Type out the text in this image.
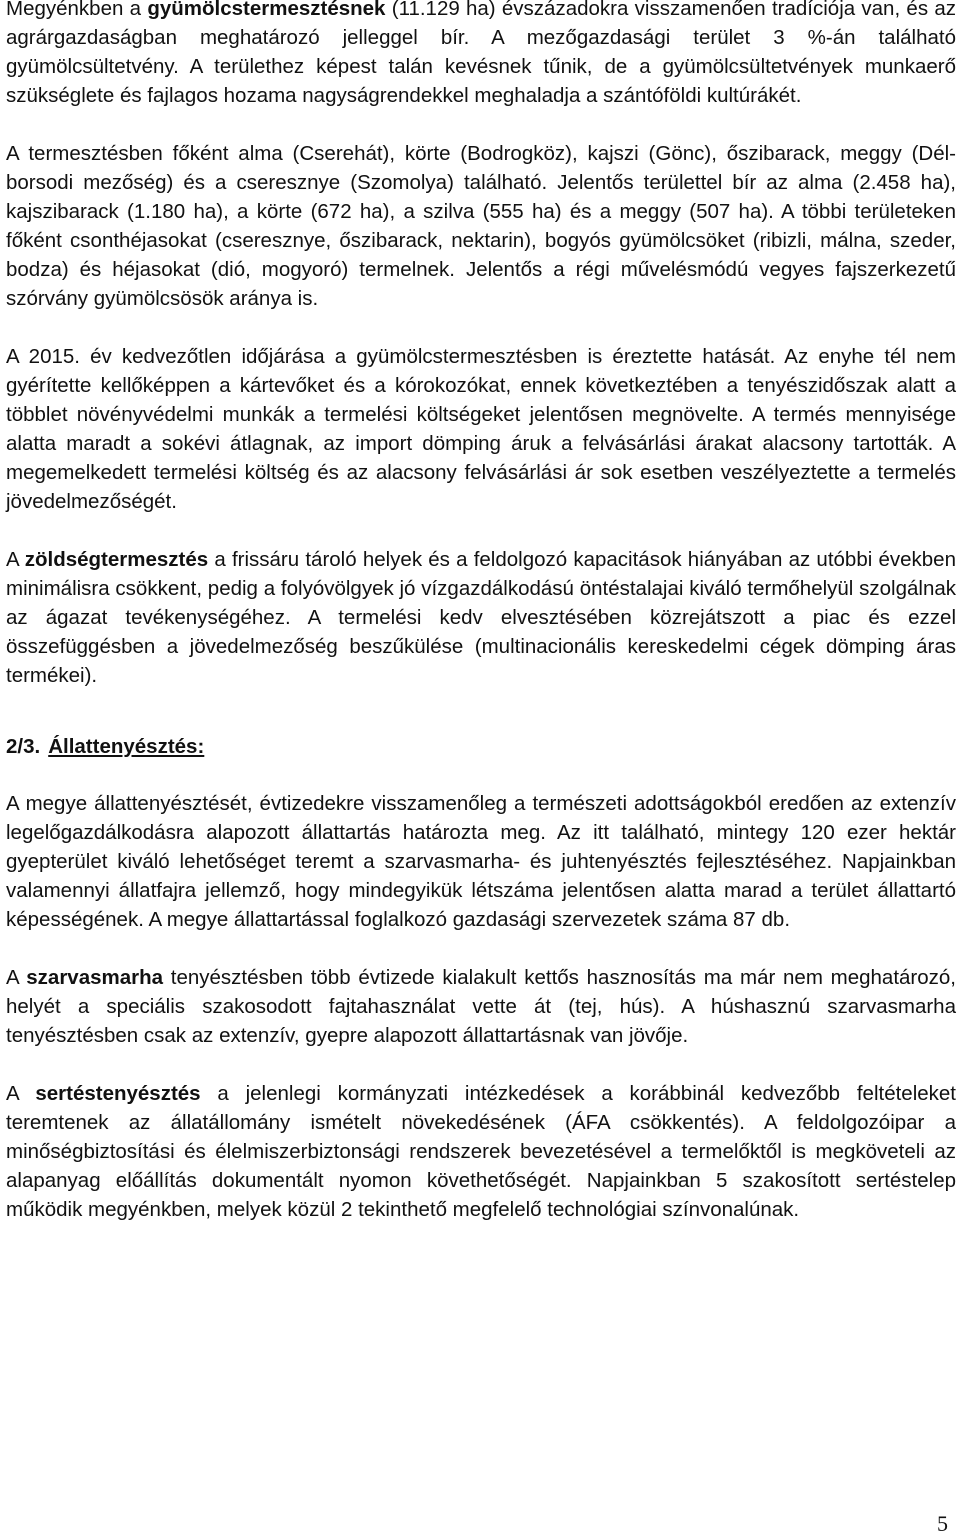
Megyénkben a gyümölcstermesztésnek (11.129 ha) évszázadokra visszamenően tradíciója van, és az agrárgazdaságban meghatározó jelleggel bír. A mezőgazdasági terület 3 %-án található gyümölcsültetvény. A területhez képest talán kevésnek tűnik, de a gyümölcsültetvények munkaerő szükséglete és fajlagos hozama nagyságrendekkel meghaladja a szántóföldi kultúrákét.

A termesztésben főként alma (Cserehát), körte (Bodrogköz), kajszi (Gönc), őszibarack, meggy (Dél-borsodi mezőség) és a cseresznye (Szomolya) található. Jelentős területtel bír az alma (2.458 ha), kajszibarack (1.180 ha), a körte (672 ha), a szilva (555 ha) és a meggy (507 ha). A többi területeken főként csonthéjasokat (cseresznye, őszibarack, nektarin), bogyós gyümölcsöket (ribizli, málna, szeder, bodza) és héjasokat (dió, mogyoró) termelnek. Jelentős a régi művelésmódú vegyes fajszerkezetű szórvány gyümölcsösök aránya is.

A 2015. év kedvezőtlen időjárása a gyümölcstermesztésben is éreztette hatását. Az enyhe tél nem gyérítette kellőképpen a kártevőket és a kórokozókat, ennek következtében a tenyészidőszak alatt a többlet növényvédelmi munkák a termelési költségeket jelentősen megnövelte. A termés mennyisége alatta maradt a sokévi átlagnak, az import dömping áruk a felvásárlási árakat alacsony tartották. A megemelkedett termelési költség és az alacsony felvásárlási ár sok esetben veszélyeztette a termelés jövedelmezőségét.

A zöldségtermesztés a frissáru tároló helyek és a feldolgozó kapacitások hiányában az utóbbi években minimálisra csökkent, pedig a folyóvölgyek jó vízgazdálkodású öntéstalajai kiváló termőhelyül szolgálnak az ágazat tevékenységéhez. A termelési kedv elvesztésében közrejátszott a piac és ezzel összefüggésben a jövedelmezőség beszűkülése (multinacionális kereskedelmi cégek dömping áras termékei).

2/3. Állattenyésztés:

A megye állattenyésztését, évtizedekre visszamenőleg a természeti adottságokból eredően az extenzív legelőgazdálkodásra alapozott állattartás határozta meg. Az itt található, mintegy 120 ezer hektár gyepterület kiváló lehetőséget teremt a szarvasmarha- és juhtenyésztés fejlesztéséhez. Napjainkban valamennyi állatfajra jellemző, hogy mindegyikük létszáma jelentősen alatta marad a terület állattartó képességének. A megye állattartással foglalkozó gazdasági szervezetek száma 87 db.

A szarvasmarha tenyésztésben több évtizede kialakult kettős hasznosítás ma már nem meghatározó, helyét a speciális szakosodott fajtahasználat vette át (tej, hús). A húshasznú szarvasmarha tenyésztésben csak az extenzív, gyepre alapozott állattartásnak van jövője.

A sertéstenyésztés a jelenlegi kormányzati intézkedések a korábbinál kedvezőbb feltételeket teremtenek az állatállomány ismételt növekedésének (ÁFA csökkentés). A feldolgozóipar a minőségbiztosítási és élelmiszerbiztonsági rendszerek bevezetésével a termelőktől is megköveteli az alapanyag előállítás dokumentált nyomon követhetőségét. Napjainkban 5 szakosított sertéstelep működik megyénkben, melyek közül 2 tekinthető megfelelő technológiai színvonalúnak.

5
